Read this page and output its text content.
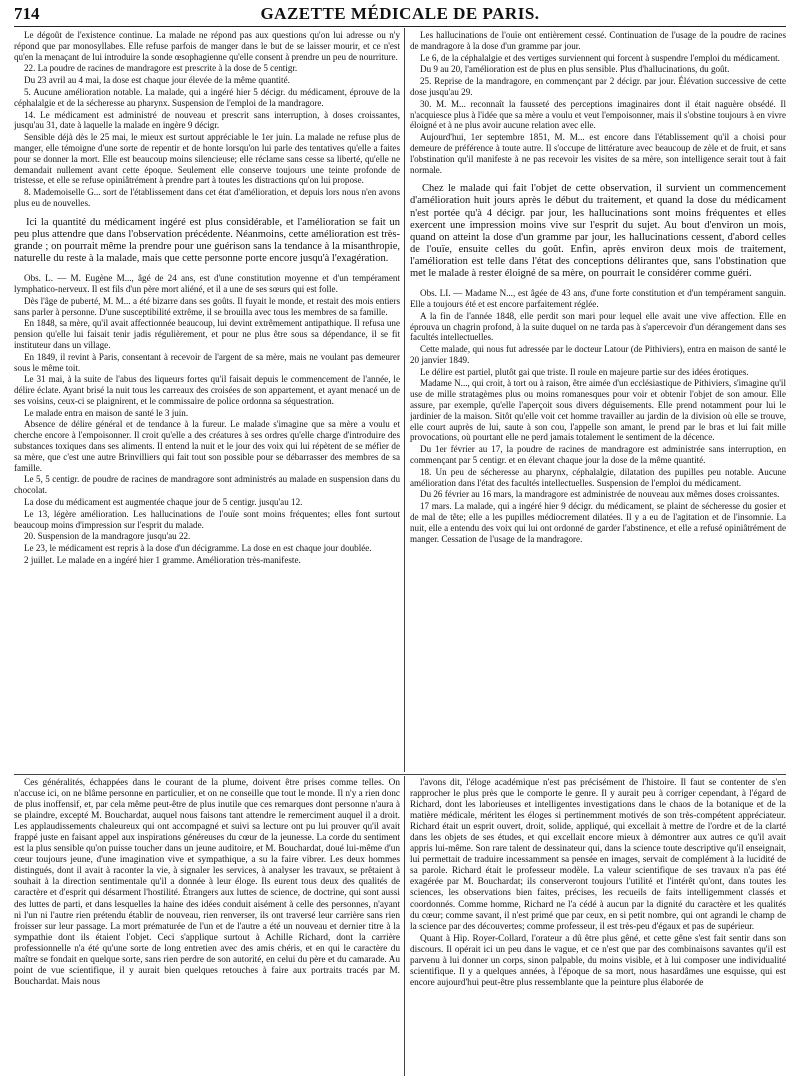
714	GAZETTE MÉDICALE DE PARIS.

Le dégoût de l'existence continue. La malade ne répond pas aux questions qu'on lui adresse ou n'y répond que par monosyllabes. Elle refuse parfois de manger dans le but de se laisser mourir, et ce n'est qu'en la menaçant de lui introduire la sonde œsophagienne qu'elle consent à prendre un peu de nourriture.

22. La poudre de racines de mandragore est prescrite à la dose de 5 centigr.

Du 23 avril au 4 mai, la dose est chaque jour élevée de la même quantité.

5. Aucune amélioration notable. La malade, qui a ingéré hier 5 décigr. du médicament, éprouve de la céphalalgie et de la sécheresse au pharynx. Suspension de l'emploi de la mandragore.

14. Le médicament est administré de nouveau et prescrit sans interruption, à doses croissantes, jusqu'au 31, date à laquelle la malade en ingère 9 décigr.

Sensible déjà dès le 25 mai, le mieux est surtout appréciable le 1er juin. La malade ne refuse plus de manger, elle témoigne d'une sorte de repentir et de honte lorsqu'on lui parle des tentatives qu'elle a faites pour se donner la mort. Elle est beaucoup moins silencieuse; elle réclame sans cesse sa liberté, qu'elle ne demandait nullement avant cette époque. Seulement elle conserve toujours une teinte profonde de tristesse, et elle se refuse opiniâtrément à prendre part à toutes les distractions qu'on lui propose.

8. Mademoiselle G... sort de l'établissement dans cet état d'amélioration, et depuis lors nous n'en avons plus eu de nouvelles.

Ici la quantité du médicament ingéré est plus considérable, et l'amélioration se fait un peu plus attendre que dans l'observation précédente. Néanmoins, cette amélioration est très-grande ; on pourrait même la prendre pour une guérison sans la tendance à la misanthropie, naturelle du reste à la malade, mais que cette personne porte encore jusqu'à l'exagération.

Obs. L. — M. Eugène M..., âgé de 24 ans, est d'une constitution moyenne et d'un tempérament lymphatico-nerveux. Il est fils d'un père mort aliéné, et il a une de ses sœurs qui est folle.

Dès l'âge de puberté, M. M... a été bizarre dans ses goûts. Il fuyait le monde, et restait des mois entiers sans parler à personne. D'une susceptibilité extrême, il se brouilla avec tous les membres de sa famille.

En 1848, sa mère, qu'il avait affectionnée beaucoup, lui devint extrêmement antipathique. Il refusa une pension qu'elle lui faisait tenir jadis régulièrement, et pour ne plus être sous sa dépendance, il se fit instituteur dans un village.

En 1849, il revint à Paris, consentant à recevoir de l'argent de sa mère, mais ne voulant pas demeurer sous le même toit.

Le 31 mai, à la suite de l'abus des liqueurs fortes qu'il faisait depuis le commencement de l'année, le délire éclate. Ayant brisé la nuit tous les carreaux des croisées de son appartement, et ayant menacé un de ses voisins, ceux-ci se plaignirent, et le commissaire de police ordonna sa séquestration.

Le malade entra en maison de santé le 3 juin.

Absence de délire général et de tendance à la fureur. Le malade s'imagine que sa mère a voulu et cherche encore à l'empoisonner. Il croit qu'elle a des créatures à ses ordres qu'elle charge d'introduire des substances toxiques dans ses aliments. Il entend la nuit et le jour des voix qui lui répètent de se méfier de sa mère, que c'est une autre Brinvilliers qui fait tout son possible pour se débarrasser des membres de sa famille.

Le 5, 5 centigr. de poudre de racines de mandragore sont administrés au malade en suspension dans du chocolat.

La dose du médicament est augmentée chaque jour de 5 centigr. jusqu'au 12.

Le 13, légère amélioration. Les hallucinations de l'ouïe sont moins fréquentes; elles font surtout beaucoup moins d'impression sur l'esprit du malade.

20. Suspension de la mandragore jusqu'au 22.

Le 23, le médicament est repris à la dose d'un décigramme. La dose en est chaque jour doublée.

2 juillet. Le malade en a ingéré hier 1 gramme. Amélioration très-manifeste.

Les hallucinations de l'ouïe ont entièrement cessé. Continuation de l'usage de la poudre de racines de mandragore à la dose d'un gramme par jour.

Le 6, de la céphalalgie et des vertiges surviennent qui forcent à suspendre l'emploi du médicament.

Du 9 au 20, l'amélioration est de plus en plus sensible. Plus d'hallucinations, du goût.

25. Reprise de la mandragore, en commençant par 2 décigr. par jour. Élévation successive de cette dose jusqu'au 29.

30. M. M... reconnaît la fausseté des perceptions imaginaires dont il était naguère obsédé. Il n'acquiesce plus à l'idée que sa mère a voulu et veut l'empoisonner, mais il s'obstine toujours à en vivre éloigné et à ne plus avoir aucune relation avec elle.

Aujourd'hui, 1er septembre 1851, M. M... est encore dans l'établissement qu'il a choisi pour demeure de préférence à toute autre. Il s'occupe de littérature avec beaucoup de zèle et de fruit, et sans l'obstination qu'il manifeste à ne pas recevoir les visites de sa mère, son intelligence serait tout à fait normale.

Chez le malade qui fait l'objet de cette observation, il survient un commencement d'amélioration huit jours après le début du traitement, et quand la dose du médicament n'est portée qu'à 4 décigr. par jour, les hallucinations sont moins fréquentes et elles exercent une impression moins vive sur l'esprit du sujet. Au bout d'environ un mois, quand on atteint la dose d'un gramme par jour, les hallucinations cessent, d'abord celles de l'ouïe, ensuite celles du goût. Enfin, après environ deux mois de traitement, l'amélioration est telle dans l'état des conceptions délirantes que, sans l'obstination que met le malade à rester éloigné de sa mère, on pourrait le considérer comme guéri.

Obs. LI. — Madame N..., est âgée de 43 ans, d'une forte constitution et d'un tempérament sanguin. Elle a toujours été et est encore parfaitement réglée.

A la fin de l'année 1848, elle perdit son mari pour lequel elle avait une vive affection. Elle en éprouva un chagrin profond, à la suite duquel on ne tarda pas à s'apercevoir d'un dérangement dans ses facultés intellectuelles.

Cette malade, qui nous fut adressée par le docteur Latour (de Pithiviers), entra en maison de santé le 20 janvier 1849.

Le délire est partiel, plutôt gai que triste. Il roule en majeure partie sur des idées érotiques.

Madame N..., qui croit, à tort ou à raison, être aimée d'un ecclésiastique de Pithiviers, s'imagine qu'il use de mille stratagèmes plus ou moins romanesques pour voir et obtenir l'objet de son amour. Elle assure, par exemple, qu'elle l'aperçoit sous divers déguisements. Elle prend notamment pour lui le jardinier de la maison. Sitôt qu'elle voit cet homme travailler au jardin de la division où elle se trouve, elle court auprès de lui, saute à son cou, l'appelle son amant, le prend par le bras et lui fait mille provocations, où pourtant elle ne perd jamais totalement le sentiment de la décence.

Du 1er février au 17, la poudre de racines de mandragore est administrée sans interruption, en commençant par 5 centigr. et en élevant chaque jour la dose de la même quantité.

18. Un peu de sécheresse au pharynx, céphalalgie, dilatation des pupilles peu notable. Aucune amélioration dans l'état des facultés intellectuelles. Suspension de l'emploi du médicament.

Du 26 février au 16 mars, la mandragore est administrée de nouveau aux mêmes doses croissantes.

17 mars. La malade, qui a ingéré hier 9 décigr. du médicament, se plaint de sécheresse du gosier et de mal de tête; elle a les pupilles médiocrement dilatées. Il y a eu de l'agitation et de l'insomnie. La nuit, elle a entendu des voix qui lui ont ordonné de garder l'abstinence, et elle a refusé opiniâtrément de manger. Cessation de l'usage de la mandragore.

Ces généralités, échappées dans le courant de la plume, doivent être prises comme telles. On n'accuse ici, on ne blâme personne en particulier, et on ne conseille que tout le monde. Il n'y a rien donc de plus inoffensif, et, par cela même peut-être de plus inutile que ces remarques dont personne n'aura à se plaindre, excepté M. Bouchardat, auquel nous faisons tant attendre le remerciment auquel il a droit. Les applaudissements chaleureux qui ont accompagné et suivi sa lecture ont pu lui prouver qu'il avait frappé juste en faisant appel aux inspirations généreuses du cœur de la jeunesse. La corde du sentiment est la plus sensible qu'on puisse toucher dans un jeune auditoire, et M. Bouchardat, doué lui-même d'un cœur toujours jeune, d'une imagination vive et sympathique, a su la faire vibrer. Les deux hommes distingués, dont il avait à raconter la vie, à signaler les services, à analyser les travaux, se prêtaient à souhait à la direction sentimentale qu'il a donnée à leur éloge. Ils eurent tous deux des qualités de caractère et d'esprit qui désarment l'hostilité. Étrangers aux luttes de science, de doctrine, qui sont aussi des luttes de parti, et dans lesquelles la haine des idées conduit aisément à celle des personnes, n'ayant ni l'un ni l'autre rien prétendu établir de nouveau, rien renverser, ils ont traversé leur carrière sans rien froisser sur leur passage. La mort prématurée de l'un et de l'autre a été un nouveau et dernier titre à la sympathie dont ils étaient l'objet. Ceci s'applique surtout à Achille Richard, dont la carrière professionnelle n'a été qu'une sorte de long entretien avec des amis chéris, et en qui le caractère du maître se fondait en quelque sorte, sans rien perdre de son autorité, en celui du père et du camarade. Au point de vue scientifique, il y aurait bien quelques retouches à faire aux portraits tracés par M. Bouchardat. Mais nous

l'avons dit, l'éloge académique n'est pas précisément de l'histoire. Il faut se contenter de s'en rapprocher le plus près que le comporte le genre. Il y aurait peu à corriger cependant, à l'égard de Richard, dont les laborieuses et intelligentes investigations dans le chaos de la botanique et de la matière médicale, méritent les éloges si pertinemment motivés de son très-compétent appréciateur. Richard était un esprit ouvert, droit, solide, appliqué, qui excellait à mettre de l'ordre et de la clarté dans les objets de ses études, et qui excellait encore mieux à démontrer aux autres ce qu'il avait appris lui-même. Son rare talent de dessinateur qui, dans la science toute descriptive qu'il enseignait, lui permettait de traduire incessamment sa pensée en images, servait de complément à la lucidité de sa parole. Richard était le professeur modèle. La valeur scientifique de ses travaux n'a pas été exagérée par M. Bouchardat; ils conserveront toujours l'utilité et l'intérêt qu'ont, dans toutes les sciences, les observations bien faites, précises, les recueils de faits intelligemment classés et coordonnés. Comme homme, Richard ne l'a cédé à aucun par la dignité du caractère et les qualités du cœur; comme savant, il n'est primé que par ceux, en si petit nombre, qui ont agrandi le champ de la science par des découvertes; comme professeur, il est très-peu d'égaux et pas de supérieur.

Quant à Hip. Royer-Collard, l'orateur a dû être plus gêné, et cette gêne s'est fait sentir dans son discours. Il opérait ici un peu dans le vague, et ce n'est que par des combinaisons savantes qu'il est parvenu à lui donner un corps, sinon palpable, du moins visible, et à lui composer une individualité scientifique. Il y a quelques années, à l'époque de sa mort, nous hasardâmes une esquisse, qui est encore aujourd'hui peut-être plus ressemblante que la peinture plus élaborée de
